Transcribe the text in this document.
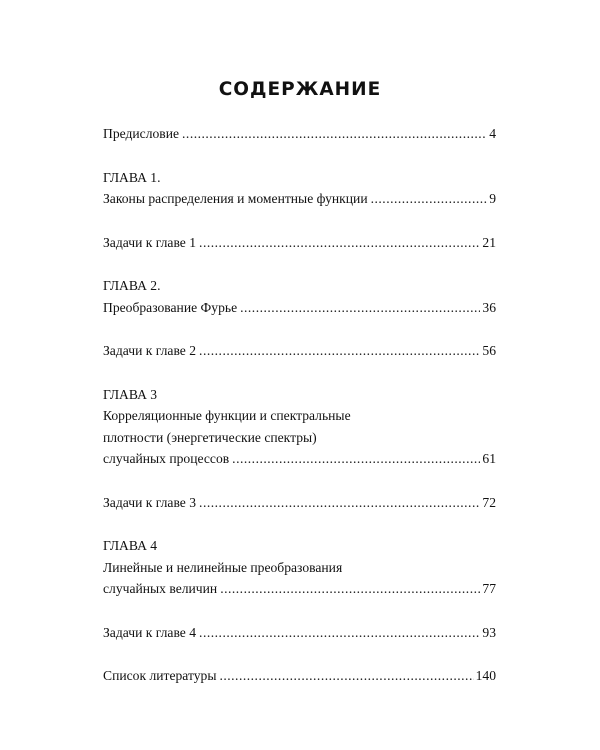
СОДЕРЖАНИЕ
Предисловие .....	4
ГЛАВА 1.
Законы распределения и моментные функции .....	9
Задачи к главе 1 .....	21
ГЛАВА 2.
Преобразование Фурье .....	36
Задачи к главе 2 .....	56
ГЛАВА 3
Корреляционные функции и спектральные
плотности (энергетические спектры)
случайных процессов .....	61
Задачи к главе 3 .....	72
ГЛАВА 4
Линейные и нелинейные преобразования
случайных величин .....	77
Задачи к главе 4 .....	93
Список литературы .....	140
